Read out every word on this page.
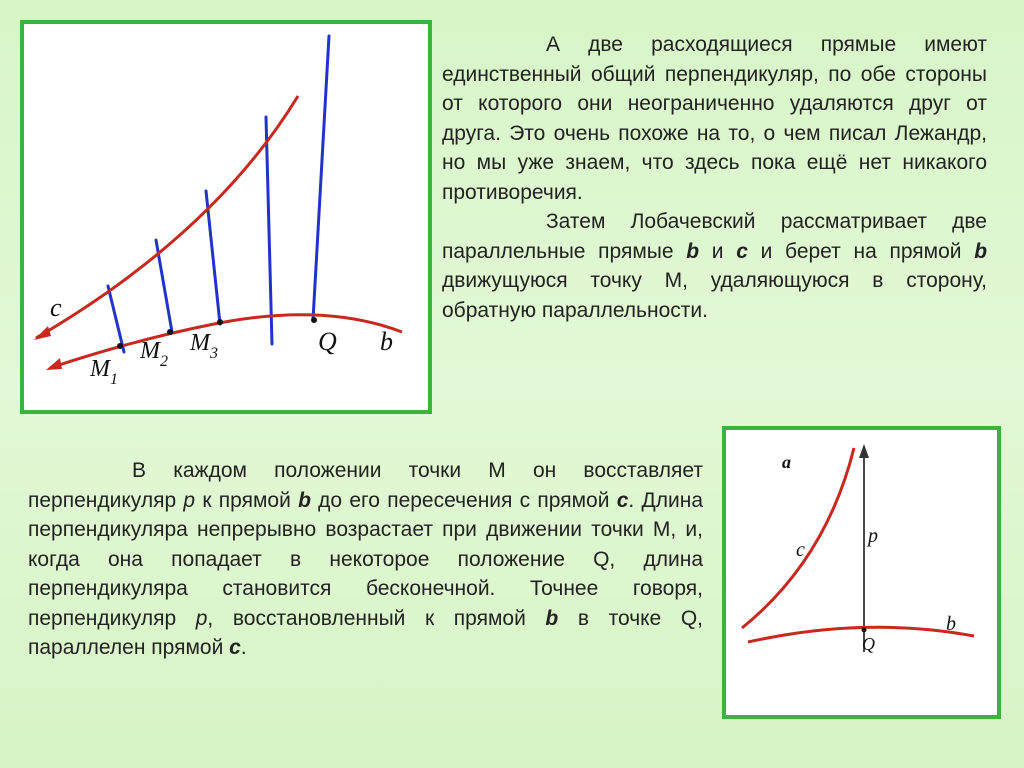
c
$M_1$
$M_2$
$M_3$	Q b

А две расходящиеся прямые имеют единственный общий перпендикуляр, по обе стороны от которого они неограниченно удаляются друг от друга. Это очень похоже на то, о чем писал Лежандр, но мы уже знаем, что здесь пока ещё нет никакого противоречия.

Затем Лобачевский рассматривает две параллельные прямые b и c и берет на прямой b движущуюся точку М, удаляющуюся в сторону, обратную параллельности.

В каждом положении точки М он восставляет перпендикуляр р к прямой b до его пересечения с прямой с. Длина перпендикуляра непрерывно возрастает при движении точки М, и, когда она попадает в некоторое положение Q, длина перпендикуляра становится бесконечной. Точнее говоря, перпендикуляр р, восстановленный к прямой b в точке Q, параллелен прямой с.

a
c
p
Q
b
